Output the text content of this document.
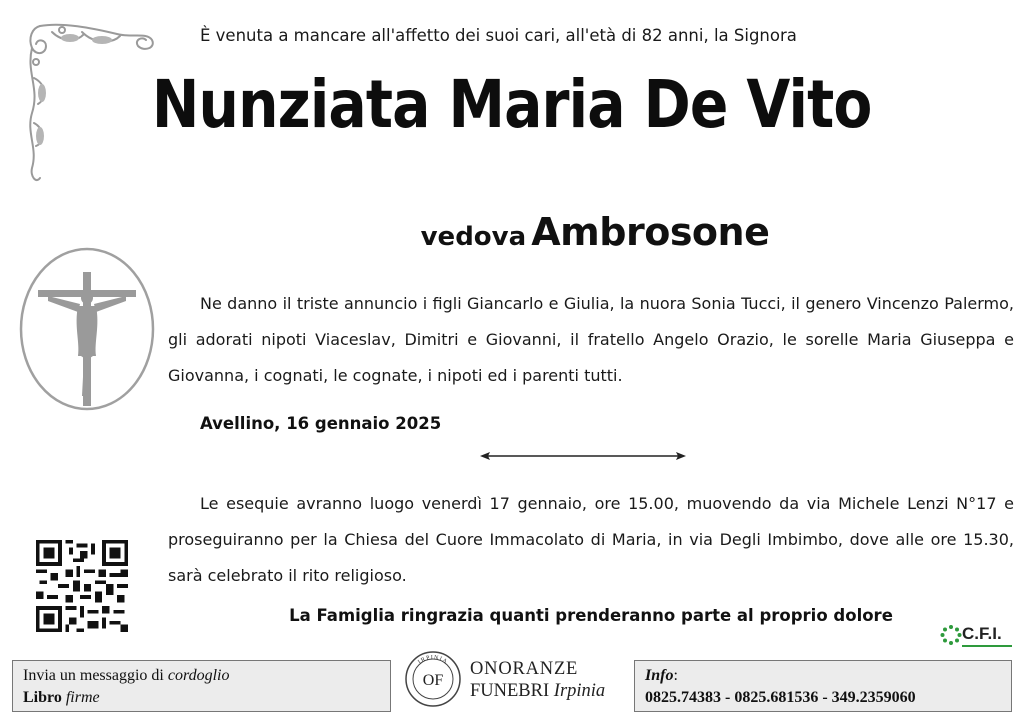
È venuta a mancare all'affetto dei suoi cari, all'età di 82 anni, la Signora
Nunziata Maria De Vito
vedova Ambrosone
Ne danno il triste annuncio i figli Giancarlo e Giulia, la nuora Sonia Tucci, il genero Vincenzo Palermo, gli adorati nipoti Viaceslav, Dimitri e Giovanni, il fratello Angelo Orazio, le sorelle Maria Giuseppa e Giovanna, i cognati, le cognate, i nipoti ed i parenti tutti.
Avellino, 16 gennaio 2025
Le esequie avranno luogo venerdì 17 gennaio, ore 15.00, muovendo da via Michele Lenzi N°17 e proseguiranno per la Chiesa del Cuore Immacolato di Maria, in via Degli Imbimbo, dove alle ore 15.30, sarà celebrato il rito religioso.
La Famiglia ringrazia quanti prenderanno parte al proprio dolore
C.F.I.
Invia un messaggio di cordoglio
Libro firme
IRPINIA
OF
ONORANZE
FUNEBRI Irpinia
Info:
0825.74383 - 0825.681536 - 349.2359060
